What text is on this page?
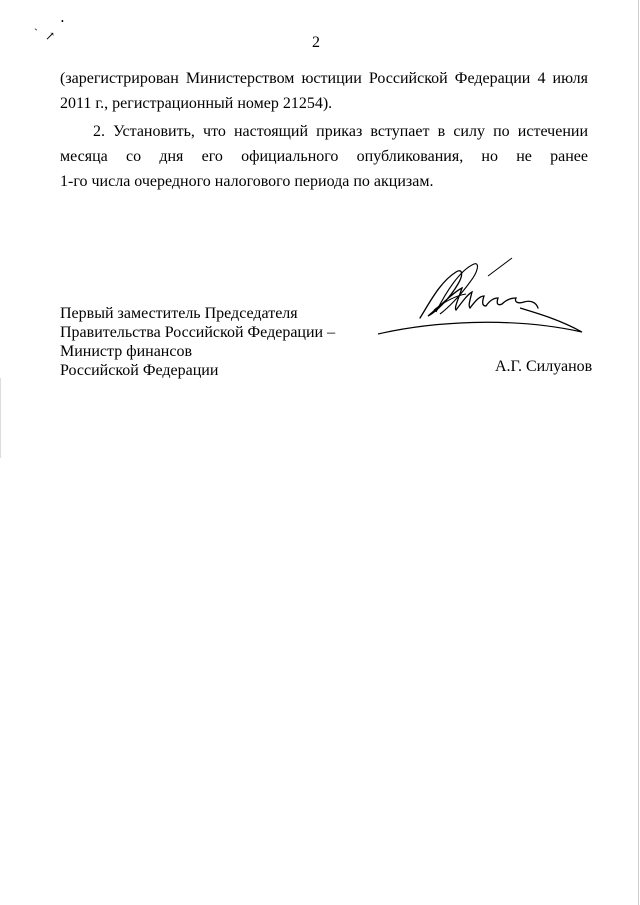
ˋ ↗
•
2
(зарегистрирован Министерством юстиции Российской Федерации 4 июля
2011 г., регистрационный номер 21254).
2. Установить, что настоящий приказ вступает в силу по истечении
месяца со дня его официального опубликования, но не ранее
1-го числа очередного налогового периода по акцизам.
Первый заместитель Председателя
Правительства Российской Федерации –
Министр финансов
Российской Федерации	А.Г. Силуанов
